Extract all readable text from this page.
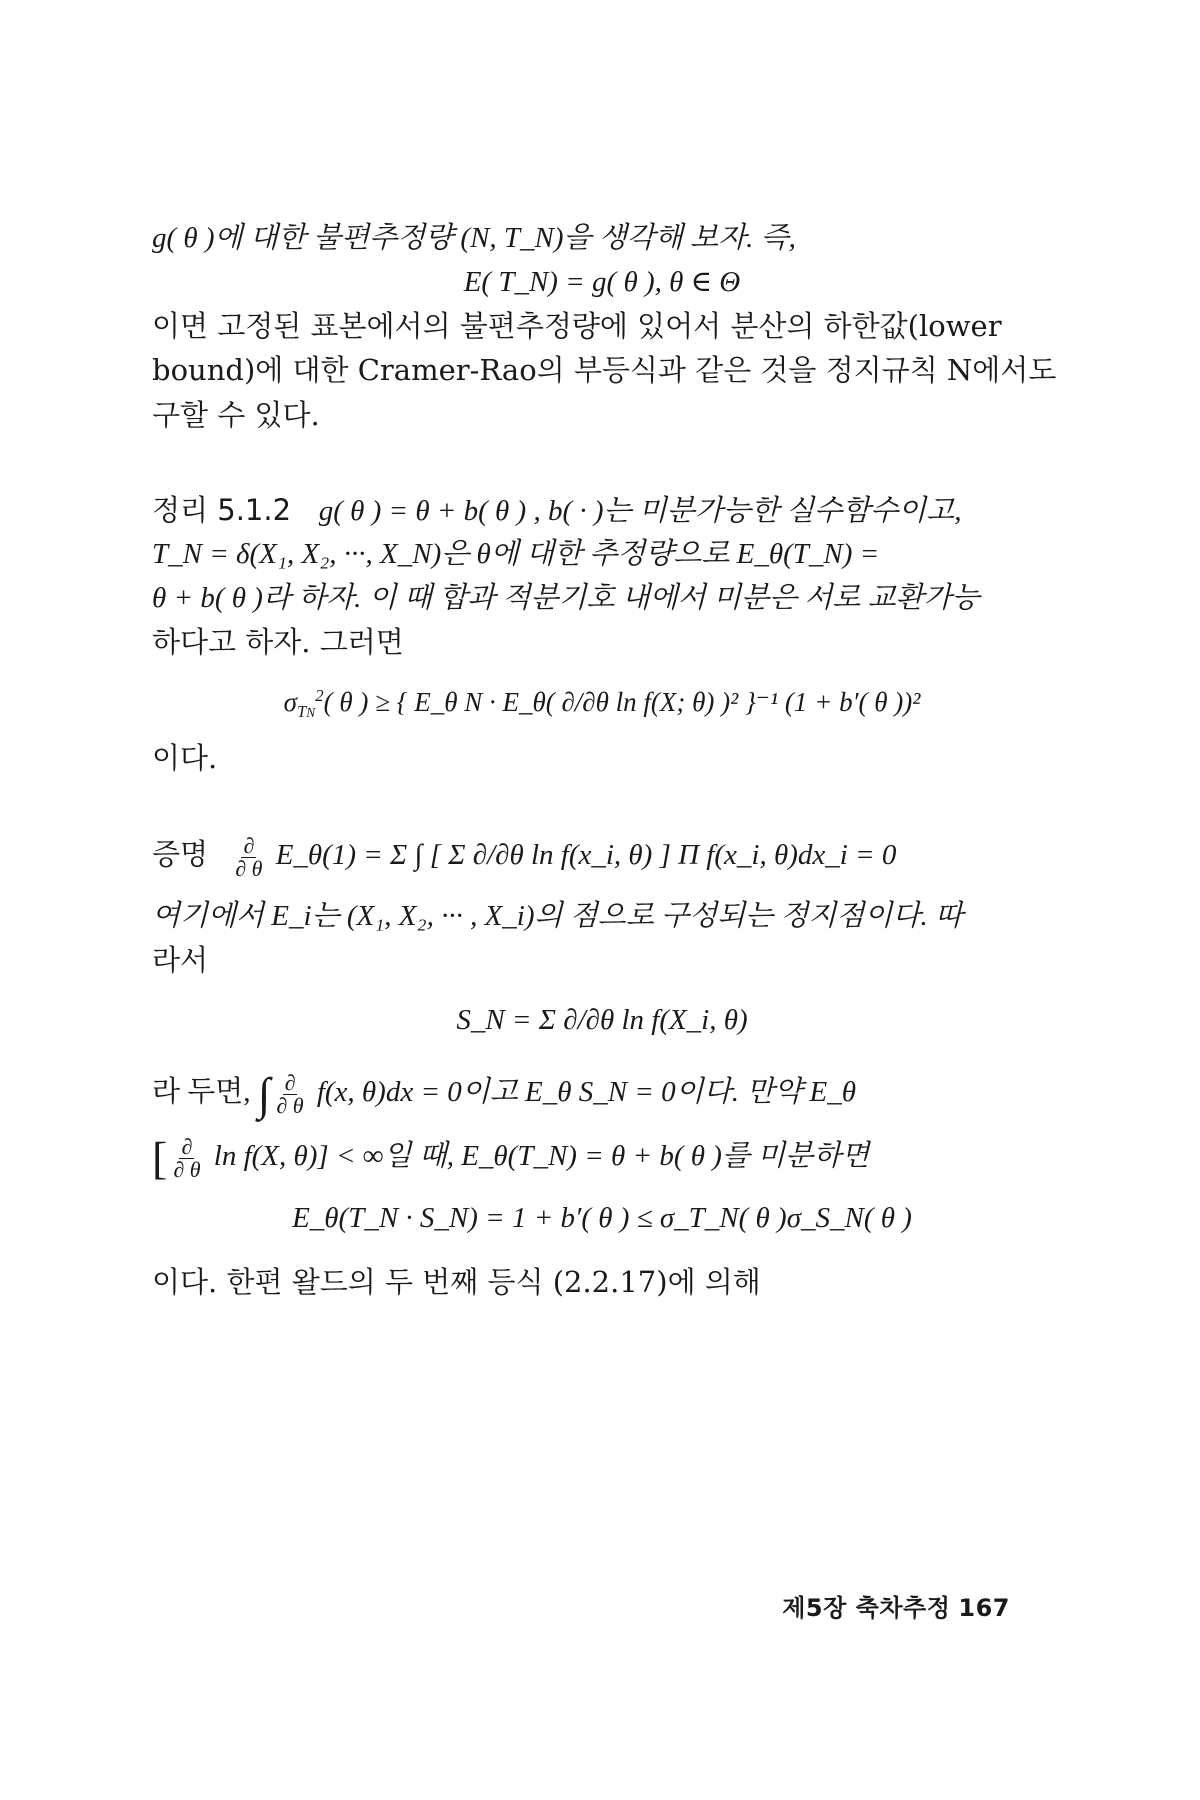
g( θ )에 대한 불편추정량 (N, T_N)을 생각해 보자. 즉,
E( T_N) = g( θ ), θ ∈ Θ
이면 고정된 표본에서의 불편추정량에 있어서 분산의 하한값(lower
bound)에 대한 Cramer-Rao의 부등식과 같은 것을 정지규칙 N에서도
구할 수 있다.
정리 5.1.2 g( θ ) = θ + b( θ ) , b( · )는 미분가능한 실수함수이고,
T_N = δ(X₁, X₂, ···, X_N)은 θ에 대한 추정량으로 E_θ(T_N) =
θ + b( θ )라 하자. 이 때 합과 적분기호 내에서 미분은 서로 교환가능
하다고 하자. 그러면
$\sigma_{TN}^2$( θ ) ≥ { E_θ N · E_θ( ∂/∂θ ln f(X; θ) )² }⁻¹ (1 + b′( θ ))²
이다.
증명 $\frac{\partial}{\partial \theta}$ E_θ(1) = Σ ∫ [ Σ ∂/∂θ ln f(x_i, θ) ] Π f(x_i, θ)dx_i = 0
여기에서 E_i는 (X₁, X₂, ··· , X_i)의 점으로 구성되는 정지점이다. 따
라서
S_N = Σ ∂/∂θ ln f(X_i, θ)
라 두면, ∫ $\frac{\partial}{\partial \theta} f(x$, θ)dx = 0이고 E_θ S_N = 0이다. 만약 E_θ
[ $\frac{\partial}{\partial \theta}$ ln f(X, θ)] < ∞일 때, E_θ(T_N) = θ + b( θ )를 미분하면
E_θ(T_N · S_N) = 1 + b′( θ ) ≤ σ_T_N( θ )σ_S_N( θ )
이다. 한편 왈드의 두 번째 등식 (2.2.17)에 의해
제5장 축차추정 167
